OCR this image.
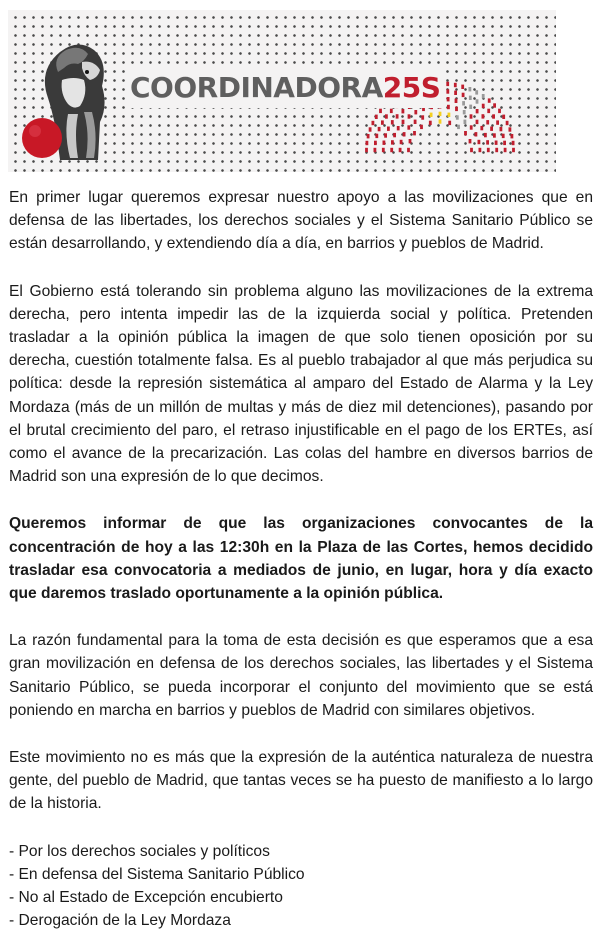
COORDINADORA25S

En primer lugar queremos expresar nuestro apoyo a las movilizaciones que en defensa de las libertades, los derechos sociales y el Sistema Sanitario Público se están desarrollando, y extendiendo día a día, en barrios y pueblos de Madrid.

El Gobierno está tolerando sin problema alguno las movilizaciones de la extrema derecha, pero intenta impedir las de la izquierda social y política. Pretenden trasladar a la opinión pública la imagen de que solo tienen oposición por su derecha, cuestión totalmente falsa. Es al pueblo trabajador al que más perjudica su política: desde la represión sistemática al amparo del Estado de Alarma y la Ley Mordaza (más de un millón de multas y más de diez mil detenciones), pasando por el brutal crecimiento del paro, el retraso injustificable en el pago de los ERTEs, así como el avance de la precarización. Las colas del hambre en diversos barrios de Madrid son una expresión de lo que decimos.

Queremos informar de que las organizaciones convocantes de la concentración de hoy a las 12:30h en la Plaza de las Cortes, hemos decidido trasladar esa convocatoria a mediados de junio, en lugar, hora y día exacto que daremos traslado oportunamente a la opinión pública.

La razón fundamental para la toma de esta decisión es que esperamos que a esa gran movilización en defensa de los derechos sociales, las libertades y el Sistema Sanitario Público, se pueda incorporar el conjunto del movimiento que se está poniendo en marcha en barrios y pueblos de Madrid con similares objetivos.

Este movimiento no es más que la expresión de la auténtica naturaleza de nuestra gente, del pueblo de Madrid, que tantas veces se ha puesto de manifiesto a lo largo de la historia.

- Por los derechos sociales y políticos
- En defensa del Sistema Sanitario Público
- No al Estado de Excepción encubierto
- Derogación de la Ley Mordaza
